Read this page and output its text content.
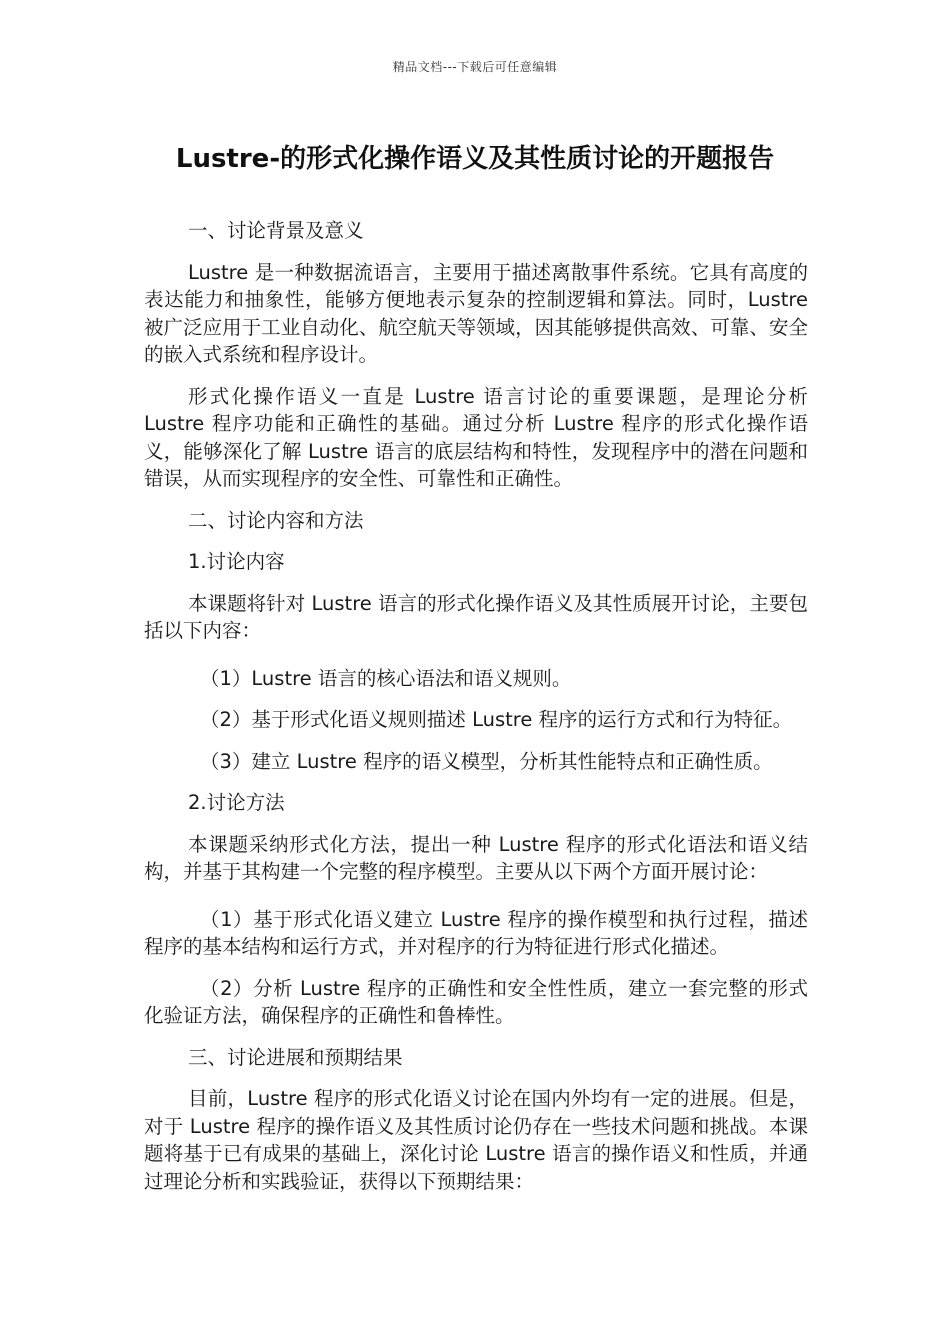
精品文档---下载后可任意编辑
Lustre-的形式化操作语义及其性质讨论的开题报告

一、讨论背景及意义

Lustre 是一种数据流语言，主要用于描述离散事件系统。它具有高度的表达能力和抽象性，能够方便地表示复杂的控制逻辑和算法。同时，Lustre 被广泛应用于工业自动化、航空航天等领域，因其能够提供高效、可靠、安全的嵌入式系统和程序设计。

形式化操作语义一直是 Lustre 语言讨论的重要课题，是理论分析 Lustre 程序功能和正确性的基础。通过分析 Lustre 程序的形式化操作语义，能够深化了解 Lustre 语言的底层结构和特性，发现程序中的潜在问题和错误，从而实现程序的安全性、可靠性和正确性。

二、讨论内容和方法

1.讨论内容

本课题将针对 Lustre 语言的形式化操作语义及其性质展开讨论，主要包括以下内容：

（1）Lustre 语言的核心语法和语义规则。

（2）基于形式化语义规则描述 Lustre 程序的运行方式和行为特征。

（3）建立 Lustre 程序的语义模型，分析其性能特点和正确性质。

2.讨论方法

本课题采纳形式化方法，提出一种 Lustre 程序的形式化语法和语义结构，并基于其构建一个完整的程序模型。主要从以下两个方面开展讨论：

（1）基于形式化语义建立 Lustre 程序的操作模型和执行过程，描述程序的基本结构和运行方式，并对程序的行为特征进行形式化描述。

（2）分析 Lustre 程序的正确性和安全性性质，建立一套完整的形式化验证方法，确保程序的正确性和鲁棒性。

三、讨论进展和预期结果

目前，Lustre 程序的形式化语义讨论在国内外均有一定的进展。但是，对于 Lustre 程序的操作语义及其性质讨论仍存在一些技术问题和挑战。本课题将基于已有成果的基础上，深化讨论 Lustre 语言的操作语义和性质，并通过理论分析和实践验证，获得以下预期结果：
